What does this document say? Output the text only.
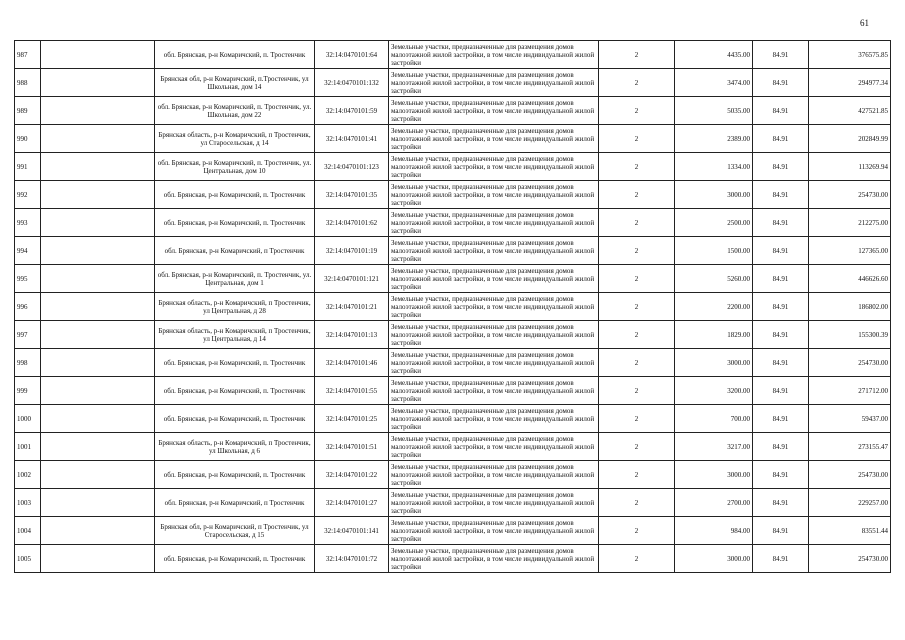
61
987		обл. Брянская, р-н Комаричский, п. Тростенчик	32:14:0470101:64	Земельные участки, предназначенные для размещения домов малоэтажной жилой застройки, в том числе индивидуальной жилой застройки	2	4435.00	84.91	376575.85
988		Брянская обл, р-н Комаричский, п.Тростенчик, ул Школьная, дом 14	32:14:0470101:132	Земельные участки, предназначенные для размещения домов малоэтажной жилой застройки, в том числе индивидуальной жилой застройки	2	3474.00	84.91	294977.34
989		обл. Брянская, р-н Комаричский, п. Тростенчик, ул. Школьная, дом 22	32:14:0470101:59	Земельные участки, предназначенные для размещения домов малоэтажной жилой застройки, в том числе индивидуальной жилой застройки	2	5035.00	84.91	427521.85
990		Брянская область, р-н Комаричский, п Тростенчик, ул Старосельская, д 14	32:14:0470101:41	Земельные участки, предназначенные для размещения домов малоэтажной жилой застройки, в том числе индивидуальной жилой застройки	2	2389.00	84.91	202849.99
991		обл. Брянская, р-н Комаричский, п. Тростенчик, ул. Центральная, дом 10	32:14:0470101:123	Земельные участки, предназначенные для размещения домов малоэтажной жилой застройки, в том числе индивидуальной жилой застройки	2	1334.00	84.91	113269.94
992		обл. Брянская, р-н Комаричский, п. Тростенчик	32:14:0470101:35	Земельные участки, предназначенные для размещения домов малоэтажной жилой застройки, в том числе индивидуальной жилой застройки	2	3000.00	84.91	254730.00
993		обл. Брянская, р-н Комаричский, п. Тростенчик	32:14:0470101:62	Земельные участки, предназначенные для размещения домов малоэтажной жилой застройки, в том числе индивидуальной жилой застройки	2	2500.00	84.91	212275.00
994		обл. Брянская, р-н Комаричский, п Тростенчик	32:14:0470101:19	Земельные участки, предназначенные для размещения домов малоэтажной жилой застройки, в том числе индивидуальной жилой застройки	2	1500.00	84.91	127365.00
995		обл. Брянская, р-н Комаричский, п. Тростенчик, ул. Центральная, дом 1	32:14:0470101:121	Земельные участки, предназначенные для размещения домов малоэтажной жилой застройки, в том числе индивидуальной жилой застройки	2	5260.00	84.91	446626.60
996		Брянская область, р-н Комаричский, п Тростенчик, ул Центральная, д 28	32:14:0470101:21	Земельные участки, предназначенные для размещения домов малоэтажной жилой застройки, в том числе индивидуальной жилой застройки	2	2200.00	84.91	186802.00
997		Брянская область, р-н Комаричский, п Тростенчик, ул Центральная, д 14	32:14:0470101:13	Земельные участки, предназначенные для размещения домов малоэтажной жилой застройки, в том числе индивидуальной жилой застройки	2	1829.00	84.91	155300.39
998		обл. Брянская, р-н Комаричский, п. Тростенчик	32:14:0470101:46	Земельные участки, предназначенные для размещения домов малоэтажной жилой застройки, в том числе индивидуальной жилой застройки	2	3000.00	84.91	254730.00
999		обл. Брянская, р-н Комаричский, п. Тростенчик	32:14:0470101:55	Земельные участки, предназначенные для размещения домов малоэтажной жилой застройки, в том числе индивидуальной жилой застройки	2	3200.00	84.91	271712.00
1000		обл. Брянская, р-н Комаричский, п. Тростенчик	32:14:0470101:25	Земельные участки, предназначенные для размещения домов малоэтажной жилой застройки, в том числе индивидуальной жилой застройки	2	700.00	84.91	59437.00
1001		Брянская область, р-н Комаричский, п Тростенчик, ул Школьная, д 6	32:14:0470101:51	Земельные участки, предназначенные для размещения домов малоэтажной жилой застройки, в том числе индивидуальной жилой застройки	2	3217.00	84.91	273155.47
1002		обл. Брянская, р-н Комаричский, п. Тростенчик	32:14:0470101:22	Земельные участки, предназначенные для размещения домов малоэтажной жилой застройки, в том числе индивидуальной жилой застройки	2	3000.00	84.91	254730.00
1003		обл. Брянская, р-н Комаричский, п Тростенчик	32:14:0470101:27	Земельные участки, предназначенные для размещения домов малоэтажной жилой застройки, в том числе индивидуальной жилой застройки	2	2700.00	84.91	229257.00
1004		Брянская обл, р-н Комаричский, п Тростенчик, ул Старосельская, д 15	32:14:0470101:141	Земельные участки, предназначенные для размещения домов малоэтажной жилой застройки, в том числе индивидуальной жилой застройки	2	984.00	84.91	83551.44
1005		обл. Брянская, р-н Комаричский, п. Тростенчик	32:14:0470101:72	Земельные участки, предназначенные для размещения домов малоэтажной жилой застройки, в том числе индивидуальной жилой застройки	2	3000.00	84.91	254730.00
